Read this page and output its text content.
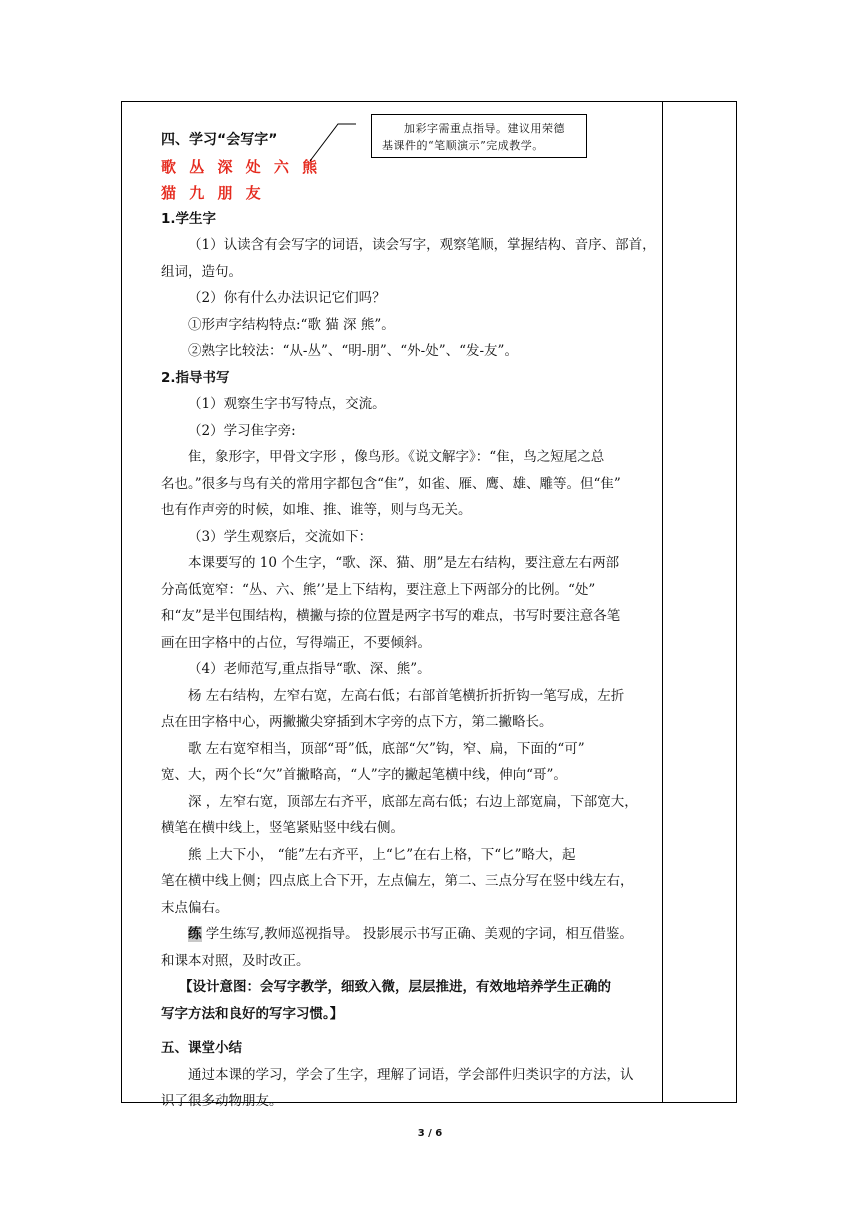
四、学习“会写字”
歌 丛 深 处 六 熊
猫 九 朋 友
1.学生字
（1）认读含有会写字的词语，读会写字，观察笔顺，掌握结构、音序、部首，
组词，造句。
（2）你有什么办法识记它们吗？
①形声字结构特点:“歌 猫 深 熊”。
②熟字比较法：“从-丛”、“明-朋”、“外-处”、“发-友”。
2.指导书写
（1）观察生字书写特点，交流。
（2）学习隹字旁:
隹，象形字，甲骨文字形 ，像鸟形。《说文解字》：“隹，鸟之短尾之总
名也。”很多与鸟有关的常用字都包含“隹”，如雀、雁、鹰、雄、雕等。但“隹”
也有作声旁的时候，如堆、推、谁等，则与鸟无关。
（3）学生观察后，交流如下：
本课要写的 10 个生字，“歌、深、猫、朋”是左右结构，要注意左右两部
分高低宽窄：“丛、六、熊’’是上下结构，要注意上下两部分的比例。“处”
和“友”是半包围结构，横撇与捺的位置是两字书写的难点，书写时要注意各笔
画在田字格中的占位，写得端正，不要倾斜。
（4）老师范写,重点指导“歌、深、熊”。
杨 左右结构，左窄右宽，左高右低；右部首笔横折折折钩一笔写成，左折
点在田字格中心，两撇撇尖穿插到木字旁的点下方，第二撇略长。
歌 左右宽窄相当，顶部“哥”低，底部“欠”钩，窄、扁，下面的“可”
宽、大，两个长“欠”首撇略高，“人”字的撇起笔横中线，伸向“哥”。
深 ，左窄右宽，顶部左右齐平，底部左高右低；右边上部宽扁，下部宽大，
横笔在横中线上，竖笔紧贴竖中线右侧。
熊 上大下小， “能”左右齐平，上“匕”在右上格，下“匕”略大，起
笔在横中线上侧；四点底上合下开，左点偏左，第二、三点分写在竖中线左右，
末点偏右。
练 学生练写,教师巡视指导。 投影展示书写正确、美观的字词，相互借鉴。
和课本对照，及时改正。
【设计意图：会写字教学，细致入微，层层推进，有效地培养学生正确的
写字方法和良好的写字习惯。】
五、课堂小结
通过本课的学习，学会了生字，理解了词语，学会部件归类识字的方法，认
识了很多动物朋友。
加彩字需重点指导。建议用荣德基课件的“笔顺演示”完成教学。
3 / 6
